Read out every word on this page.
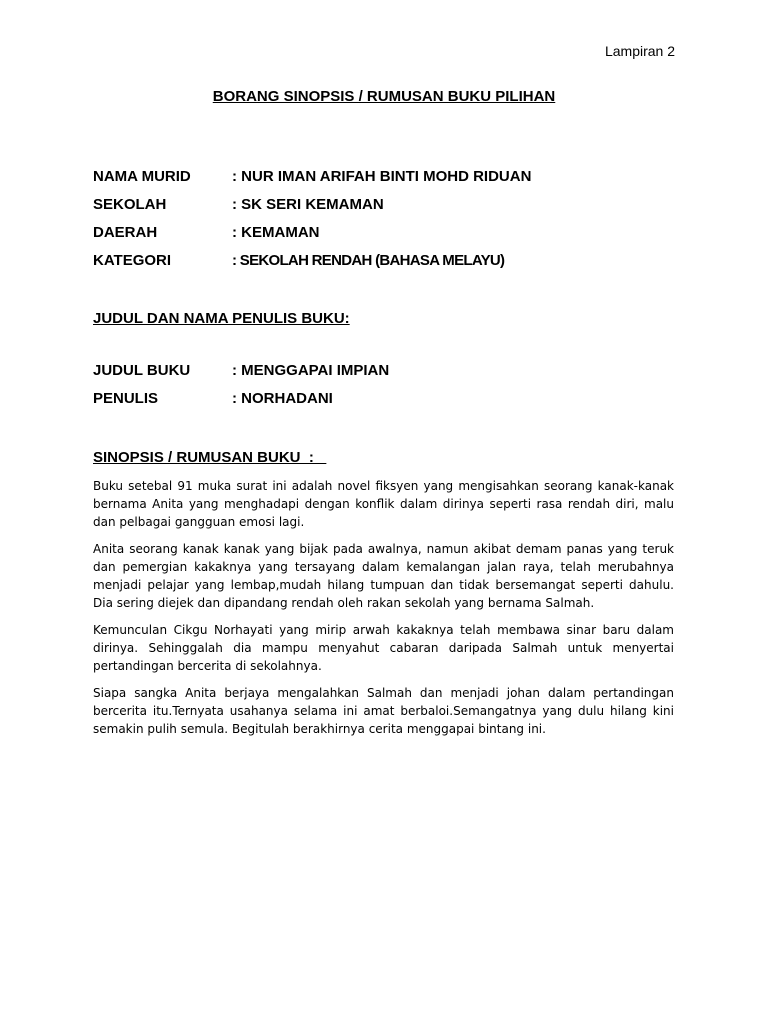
Lampiran 2
BORANG SINOPSIS / RUMUSAN BUKU PILIHAN
NAMA MURID	: NUR IMAN ARIFAH BINTI MOHD RIDUAN
SEKOLAH	: SK SERI KEMAMAN
DAERAH	: KEMAMAN
KATEGORI	: SEKOLAH RENDAH (BAHASA MELAYU)
JUDUL DAN NAMA PENULIS BUKU:
JUDUL BUKU	: MENGGAPAI IMPIAN
PENULIS	: NORHADANI
SINOPSIS / RUMUSAN BUKU  :

Buku setebal 91 muka surat ini adalah novel fiksyen yang mengisahkan seorang kanak-kanak bernama Anita yang menghadapi dengan konflik dalam dirinya seperti rasa rendah diri, malu dan pelbagai gangguan emosi lagi.

Anita seorang kanak kanak yang bijak pada awalnya, namun akibat demam panas yang teruk dan pemergian kakaknya yang tersayang dalam kemalangan jalan raya, telah merubahnya menjadi pelajar yang lembap,mudah hilang tumpuan dan tidak bersemangat seperti dahulu. Dia sering diejek dan dipandang rendah oleh rakan sekolah yang bernama Salmah.

Kemunculan Cikgu Norhayati yang mirip arwah kakaknya telah membawa sinar baru dalam dirinya. Sehinggalah dia mampu menyahut cabaran daripada Salmah untuk menyertai pertandingan bercerita di sekolahnya.

Siapa sangka Anita berjaya mengalahkan Salmah dan menjadi johan dalam pertandingan bercerita itu.Ternyata usahanya selama ini amat berbaloi.Semangatnya yang dulu hilang kini semakin pulih semula. Begitulah berakhirnya cerita menggapai bintang ini.
